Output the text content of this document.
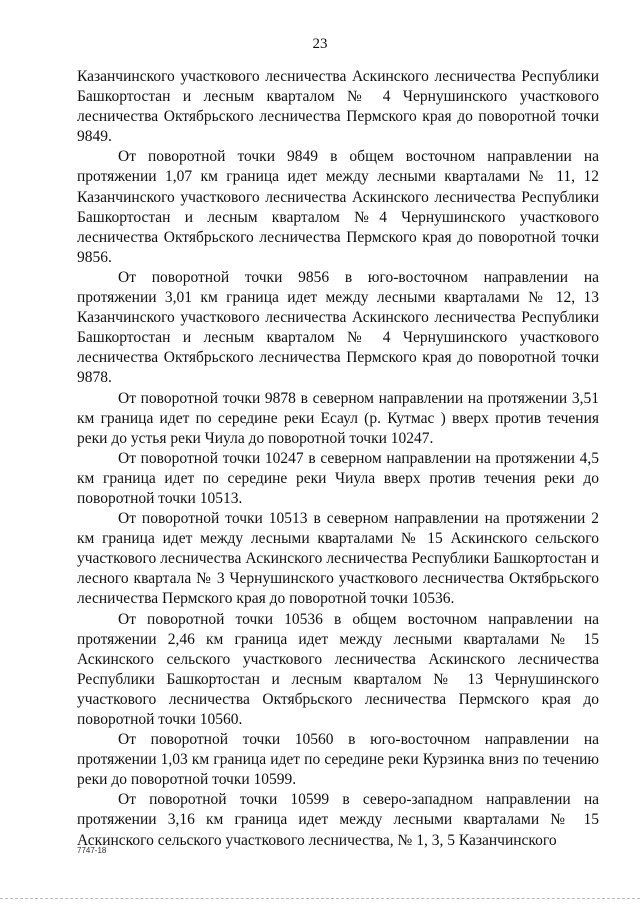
23

Казанчинского участкового лесничества Аскинского лесничества Республики Башкортостан и лесным кварталом № 4 Чернушинского участкового лесничества Октябрьского лесничества Пермского края до поворотной точки 9849.

От поворотной точки 9849 в общем восточном направлении на протяжении 1,07 км граница идет между лесными кварталами № 11, 12 Казанчинского участкового лесничества Аскинского лесничества Республики Башкортостан и лесным кварталом №4 Чернушинского участкового лесничества Октябрьского лесничества Пермского края до поворотной точки 9856.

От поворотной точки 9856 в юго-восточном направлении на протяжении 3,01 км граница идет между лесными кварталами № 12, 13 Казанчинского участкового лесничества Аскинского лесничества Республики Башкортостан и лесным кварталом № 4 Чернушинского участкового лесничества Октябрьского лесничества Пермского края до поворотной точки 9878.

От поворотной точки 9878 в северном направлении на протяжении 3,51 км граница идет по середине реки Есаул (р. Кутмас ) вверх против течения реки до устья реки Чиула до поворотной точки 10247.

От поворотной точки 10247 в северном направлении на протяжении 4,5 км граница идет по середине реки Чиула вверх против течения реки до поворотной точки 10513.

От поворотной точки 10513 в северном направлении на протяжении 2 км граница идет между лесными кварталами № 15 Аскинского сельского участкового лесничества Аскинского лесничества Республики Башкортостан и лесного квартала № 3 Чернушинского участкового лесничества Октябрьского лесничества Пермского края до поворотной точки 10536.

От поворотной точки 10536 в общем восточном направлении на протяжении 2,46 км граница идет между лесными кварталами № 15 Аскинского сельского участкового лесничества Аскинского лесничества Республики Башкортостан и лесным кварталом № 13 Чернушинского участкового лесничества Октябрьского лесничества Пермского края до поворотной точки 10560.

От поворотной точки 10560 в юго-восточном направлении на протяжении 1,03 км граница идет по середине реки Курзинка вниз по течению реки до поворотной точки 10599.

От поворотной точки 10599 в северо-западном направлении на протяжении 3,16 км граница идет между лесными кварталами № 15 Аскинского сельского участкового лесничества, № 1, 3, 5 Казанчинского

7747-18
